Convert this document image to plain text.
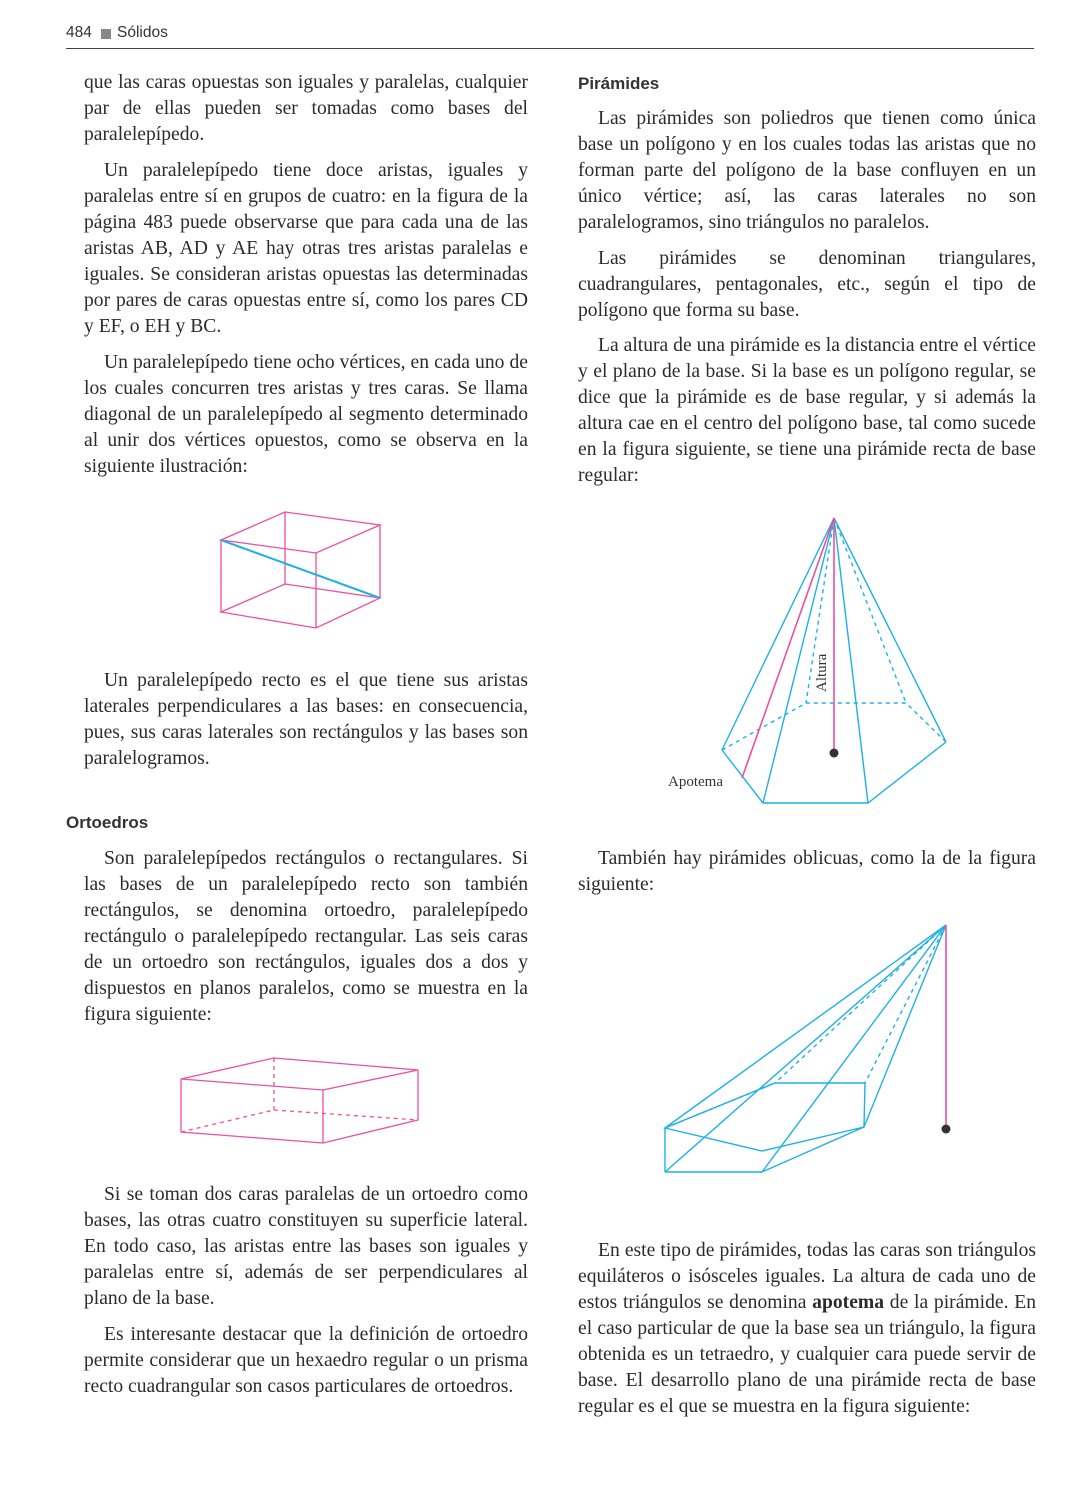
484 Sólidos

que las caras opuestas son iguales y paralelas, cualquier par de ellas pueden ser tomadas como bases del paralelepípedo.

Un paralelepípedo tiene doce aristas, iguales y paralelas entre sí en grupos de cuatro: en la figura de la página 483 puede observarse que para cada una de las aristas AB, AD y AE hay otras tres aristas paralelas e iguales. Se consideran aristas opuestas las determinadas por pares de caras opuestas entre sí, como los pares CD y EF, o EH y BC.

Un paralelepípedo tiene ocho vértices, en cada uno de los cuales concurren tres aristas y tres caras. Se llama diagonal de un paralelepípedo al segmento determinado al unir dos vértices opuestos, como se observa en la siguiente ilustración:

Un paralelepípedo recto es el que tiene sus aristas laterales perpendiculares a las bases: en consecuencia, pues, sus caras laterales son rectángulos y las bases son paralelogramos.

Ortoedros

Son paralelepípedos rectángulos o rectangulares. Si las bases de un paralelepípedo recto son también rectángulos, se denomina ortoedro, paralelepípedo rectángulo o paralelepípedo rectangular. Las seis caras de un ortoedro son rectángulos, iguales dos a dos y dispuestos en planos paralelos, como se muestra en la figura siguiente:

Si se toman dos caras paralelas de un ortoedro como bases, las otras cuatro constituyen su superficie lateral. En todo caso, las aristas entre las bases son iguales y paralelas entre sí, además de ser perpendiculares al plano de la base.

Es interesante destacar que la definición de ortoedro permite considerar que un hexaedro regular o un prisma recto cuadrangular son casos particulares de ortoedros.

Pirámides

Las pirámides son poliedros que tienen como única base un polígono y en los cuales todas las aristas que no forman parte del polígono de la base confluyen en un único vértice; así, las caras laterales no son paralelogramos, sino triángulos no paralelos.

Las pirámides se denominan triangulares, cuadrangulares, pentagonales, etc., según el tipo de polígono que forma su base.

La altura de una pirámide es la distancia entre el vértice y el plano de la base. Si la base es un polígono regular, se dice que la pirámide es de base regular, y si además la altura cae en el centro del polígono base, tal como sucede en la figura siguiente, se tiene una pirámide recta de base regular:

Altura
Apotema

También hay pirámides oblicuas, como la de la figura siguiente:

En este tipo de pirámides, todas las caras son triángulos equiláteros o isósceles iguales. La altura de cada uno de estos triángulos se denomina apotema de la pirámide. En el caso particular de que la base sea un triángulo, la figura obtenida es un tetraedro, y cualquier cara puede servir de base. El desarrollo plano de una pirámide recta de base regular es el que se muestra en la figura siguiente:
